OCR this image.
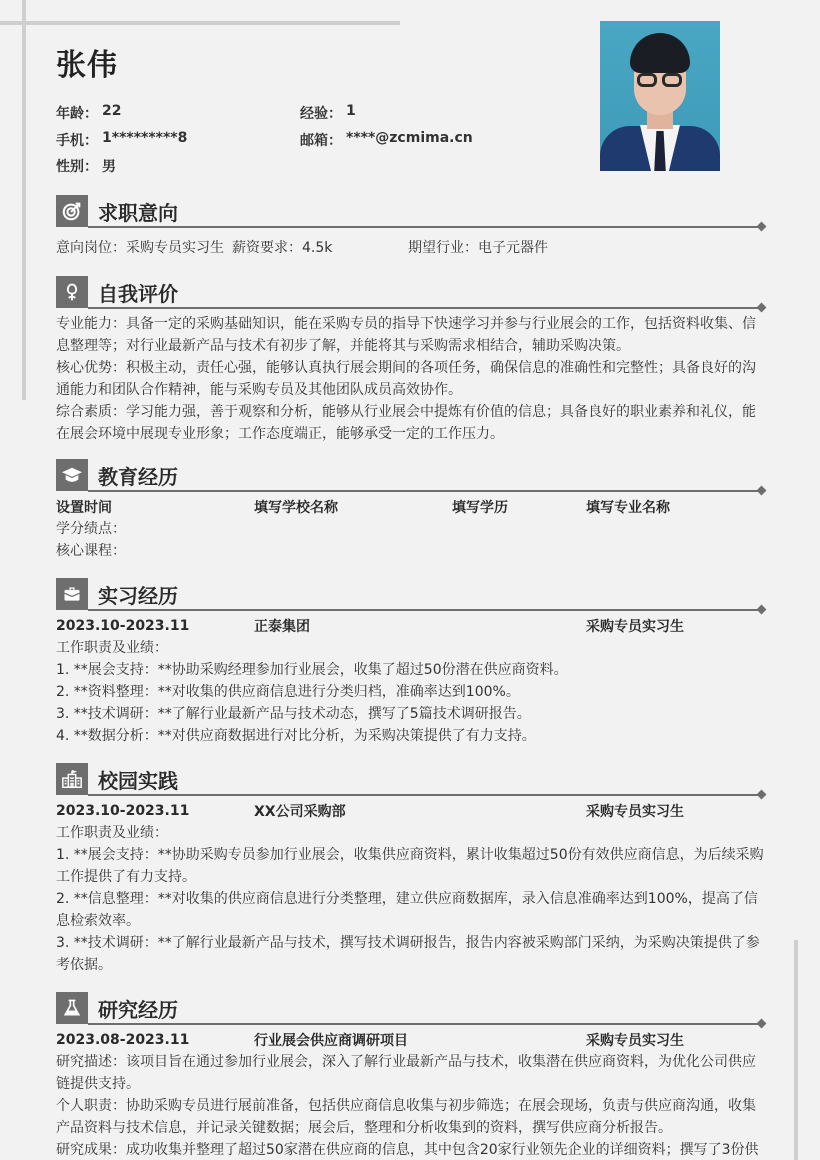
张伟
年龄： 22	经验： 1
手机： 1*********8	邮箱： ****@zcmima.cn
性别： 男
求职意向
意向岗位：采购专员实习生 薪资要求：4.5k	期望行业：电子元器件
自我评价

专业能力：具备一定的采购基础知识，能在采购专员的指导下快速学习并参与行业展会的工作，包括资料收集、信息整理等；对行业最新产品与技术有初步了解，并能将其与采购需求相结合，辅助采购决策。

核心优势：积极主动，责任心强，能够认真执行展会期间的各项任务，确保信息的准确性和完整性；具备良好的沟通能力和团队合作精神，能与采购专员及其他团队成员高效协作。

综合素质：学习能力强，善于观察和分析，能够从行业展会中提炼有价值的信息；具备良好的职业素养和礼仪，能在展会环境中展现专业形象；工作态度端正，能够承受一定的工作压力。

教育经历
设置时间	填写学校名称	填写学历	填写专业名称

学分绩点：

核心课程：

实习经历
2023.10-2023.11	正泰集团	采购专员实习生

工作职责及业绩：

1. **展会支持：**协助采购经理参加行业展会，收集了超过50份潜在供应商资料。

2. **资料整理：**对收集的供应商信息进行分类归档，准确率达到100%。

3. **技术调研：**了解行业最新产品与技术动态，撰写了5篇技术调研报告。

4. **数据分析：**对供应商数据进行对比分析，为采购决策提供了有力支持。

校园实践
2023.10-2023.11	XX公司采购部	采购专员实习生

工作职责及业绩：

1. **展会支持：**协助采购专员参加行业展会，收集供应商资料，累计收集超过50份有效供应商信息，为后续采购工作提供了有力支持。

2. **信息整理：**对收集的供应商信息进行分类整理，建立供应商数据库，录入信息准确率达到100%，提高了信息检索效率。

3. **技术调研：**了解行业最新产品与技术，撰写技术调研报告，报告内容被采购部门采纳，为采购决策提供了参考依据。

研究经历
2023.08-2023.11	行业展会供应商调研项目	采购专员实习生

研究描述：该项目旨在通过参加行业展会，深入了解行业最新产品与技术，收集潜在供应商资料，为优化公司供应链提供支持。

个人职责：协助采购专员进行展前准备，包括供应商信息收集与初步筛选；在展会现场，负责与供应商沟通，收集产品资料与技术信息，并记录关键数据；展会后，整理和分析收集到的资料，撰写供应商分析报告。

研究成果：成功收集并整理了超过50家潜在供应商的信息，其中包含20家行业领先企业的详细资料；撰写了3份供
